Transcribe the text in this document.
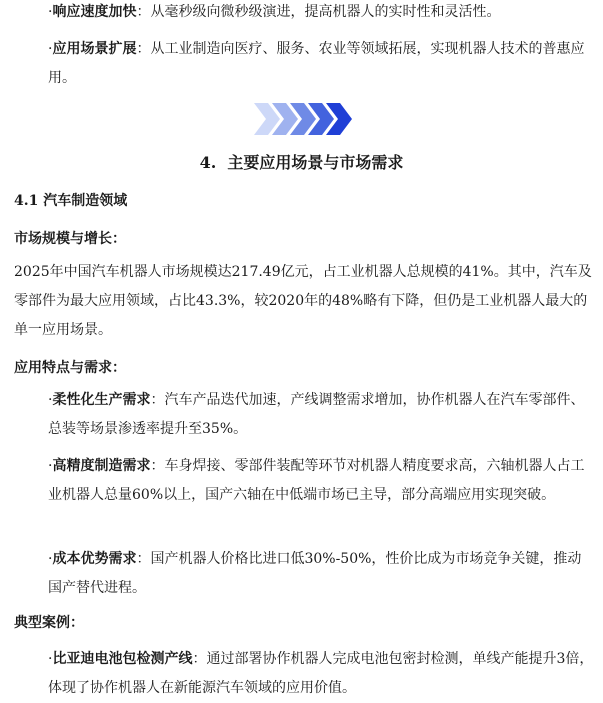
·响应速度加快：从毫秒级向微秒级演进，提高机器人的实时性和灵活性。
·应用场景扩展：从工业制造向医疗、服务、农业等领域拓展，实现机器人技术的普惠应用。
4. 主要应用场景与市场需求
4.1 汽车制造领域
市场规模与增长：
2025年中国汽车机器人市场规模达217.49亿元，占工业机器人总规模的41%。其中，汽车及零部件为最大应用领域，占比43.3%，较2020年的48%略有下降，但仍是工业机器人最大的单一应用场景。
应用特点与需求：
·柔性化生产需求：汽车产品迭代加速，产线调整需求增加，协作机器人在汽车零部件、总装等场景渗透率提升至35%。
·高精度制造需求：车身焊接、零部件装配等环节对机器人精度要求高，六轴机器人占工业机器人总量60%以上，国产六轴在中低端市场已主导，部分高端应用实现突破。
·成本优势需求：国产机器人价格比进口低30%-50%，性价比成为市场竞争关键，推动国产替代进程。
典型案例：
·比亚迪电池包检测产线：通过部署协作机器人完成电池包密封检测，单线产能提升3倍，体现了协作机器人在新能源汽车领域的应用价值。
